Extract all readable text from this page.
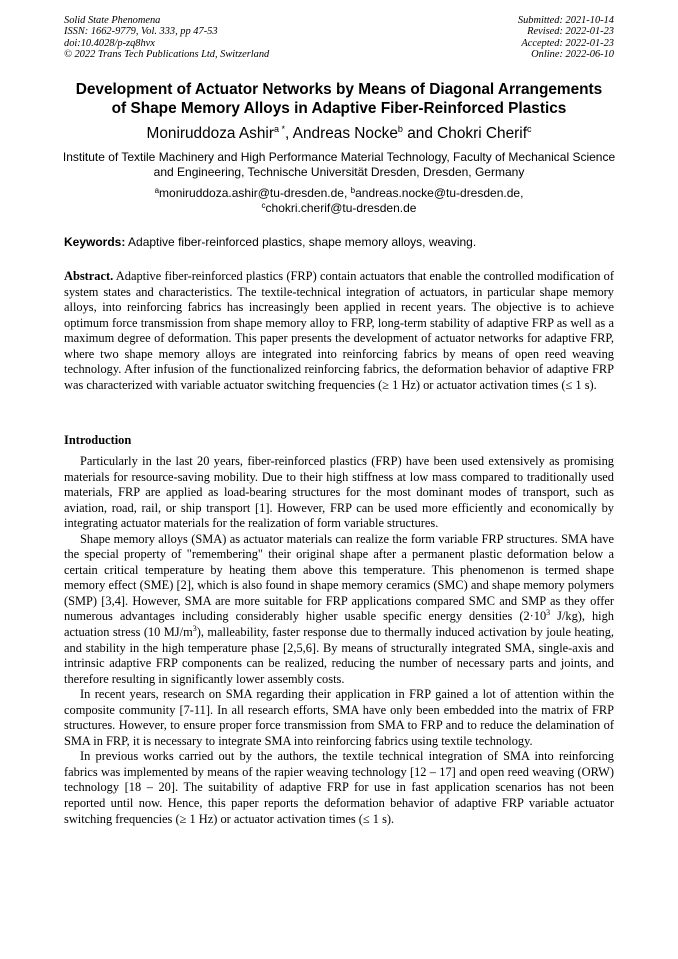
Solid State Phenomena
ISSN: 1662-9779, Vol. 333, pp 47-53
doi:10.4028/p-zq8hvx
© 2022 Trans Tech Publications Ltd, Switzerland
Submitted: 2021-10-14
Revised: 2022-01-23
Accepted: 2022-01-23
Online: 2022-06-10
Development of Actuator Networks by Means of Diagonal Arrangements
of Shape Memory Alloys in Adaptive Fiber-Reinforced Plastics
Moniruddoza Ashir$^{a *}$, Andreas Nocke$^b$ and Chokri Cherif$^c$
Institute of Textile Machinery and High Performance Material Technology, Faculty of Mechanical Science and Engineering, Technische Universität Dresden, Dresden, Germany
$^a$moniruddoza.ashir@tu-dresden.de, $^b$andreas.nocke@tu-dresden.de,
$^c$chokri.cherif@tu-dresden.de
Keywords: Adaptive fiber-reinforced plastics, shape memory alloys, weaving.
Abstract. Adaptive fiber-reinforced plastics (FRP) contain actuators that enable the controlled modification of system states and characteristics. The textile-technical integration of actuators, in particular shape memory alloys, into reinforcing fabrics has increasingly been applied in recent years. The objective is to achieve optimum force transmission from shape memory alloy to FRP, long-term stability of adaptive FRP as well as a maximum degree of deformation. This paper presents the development of actuator networks for adaptive FRP, where two shape memory alloys are integrated into reinforcing fabrics by means of open reed weaving technology. After infusion of the functionalized reinforcing fabrics, the deformation behavior of adaptive FRP was characterized with variable actuator switching frequencies (≥ 1 Hz) or actuator activation times (≤ 1 s).
Introduction

Particularly in the last 20 years, fiber-reinforced plastics (FRP) have been used extensively as promising materials for resource-saving mobility. Due to their high stiffness at low mass compared to traditionally used materials, FRP are applied as load-bearing structures for the most dominant modes of transport, such as aviation, road, rail, or ship transport [1]. However, FRP can be used more efficiently and economically by integrating actuator materials for the realization of form variable structures.

Shape memory alloys (SMA) as actuator materials can realize the form variable FRP structures. SMA have the special property of "remembering" their original shape after a permanent plastic deformation below a certain critical temperature by heating them above this temperature. This phenomenon is termed shape memory effect (SME) [2], which is also found in shape memory ceramics (SMC) and shape memory polymers (SMP) [3,4]. However, SMA are more suitable for FRP applications compared SMC and SMP as they offer numerous advantages including considerably higher usable specific energy densities ($2\cdot 10^3$ J/kg), high actuation stress (10 $MJ/m^3$), malleability, faster response due to thermally induced activation by joule heating, and stability in the high temperature phase [2,5,6]. By means of structurally integrated SMA, single-axis and intrinsic adaptive FRP components can be realized, reducing the number of necessary parts and joints, and therefore resulting in significantly lower assembly costs.

In recent years, research on SMA regarding their application in FRP gained a lot of attention within the composite community [7-11]. In all research efforts, SMA have only been embedded into the matrix of FRP structures. However, to ensure proper force transmission from SMA to FRP and to reduce the delamination of SMA in FRP, it is necessary to integrate SMA into reinforcing fabrics using textile technology.

In previous works carried out by the authors, the textile technical integration of SMA into reinforcing fabrics was implemented by means of the rapier weaving technology [12 – 17] and open reed weaving (ORW) technology [18 – 20]. The suitability of adaptive FRP for use in fast application scenarios has not been reported until now. Hence, this paper reports the deformation behavior of adaptive FRP variable actuator switching frequencies (≥ 1 Hz) or actuator activation times (≤ 1 s).
